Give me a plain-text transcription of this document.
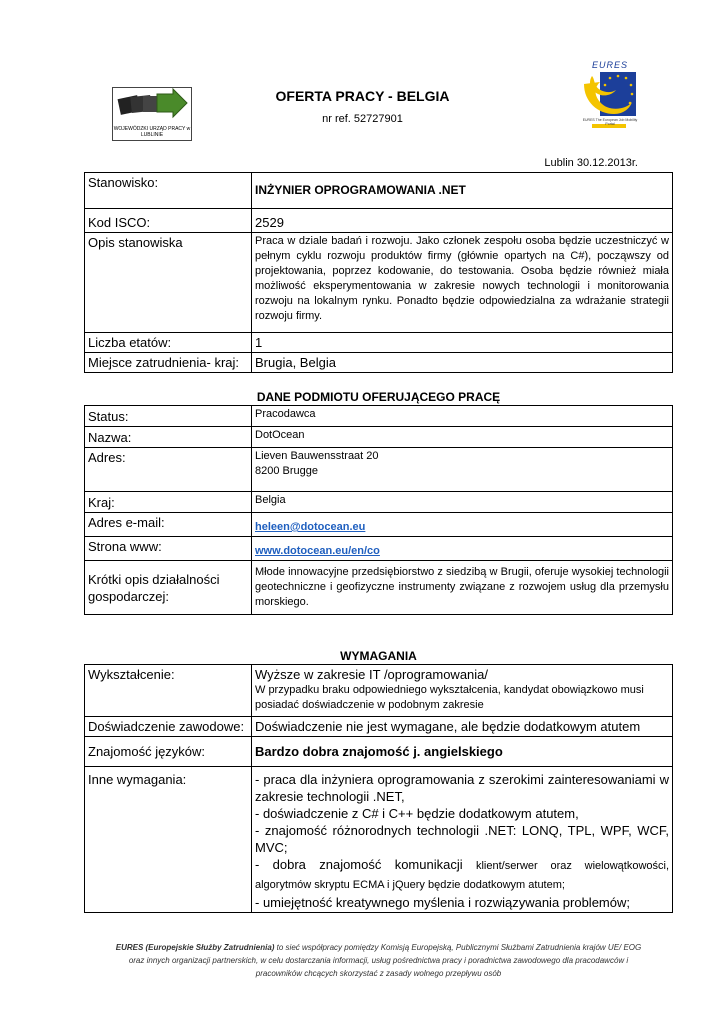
WOJEWÓDZKI URZĄD PRACY w LUBLINIE
OFERTA PRACY - BELGIA
nr ref. 52727901
EURES
EURES The European Job Mobility Portal
Lublin 30.12.2013r.
Stanowisko:	INŻYNIER OPROGRAMOWANIA .NET
Kod ISCO:	2529
Opis stanowiska	Praca w dziale badań i rozwoju. Jako członek zespołu osoba będzie uczestniczyć w pełnym cyklu rozwoju produktów firmy (głównie opartych na C#), począwszy od projektowania, poprzez kodowanie, do testowania. Osoba będzie również miała możliwość eksperymentowania w zakresie nowych technologii i monitorowania rozwoju na lokalnym rynku. Ponadto będzie odpowiedzialna za wdrażanie strategii rozwoju firmy.
Liczba etatów:	1
Miejsce zatrudnienia- kraj:	Brugia, Belgia
DANE PODMIOTU OFERUJĄCEGO PRACĘ
Status:	Pracodawca
Nazwa:	DotOcean
Adres:	Lieven Bauwensstraat 20
8200 Brugge

Kraj:	Belgia
Adres e-mail:	heleen@dotocean.eu
Strona www:	www.dotocean.eu/en/co
Krótki opis działalności gospodarczej:	Młode innowacyjne przedsiębiorstwo z siedzibą w Brugii, oferuje wysokiej technologii geotechniczne i geofizyczne instrumenty związane z rozwojem usług dla przemysłu morskiego.
WYMAGANIA
Wykształcenie:	Wyższe w zakresie IT /oprogramowania/
W przypadku braku odpowiedniego wykształcenia, kandydat obowiązkowo musi posiadać doświadczenie w podobnym zakresie

Doświadczenie zawodowe:	Doświadczenie nie jest wymagane, ale będzie dodatkowym atutem
Znajomość języków:	Bardzo dobra znajomość j. angielskiego
Inne wymagania:	- praca dla inżyniera oprogramowania z szerokimi zainteresowaniami w zakresie technologii .NET,
- doświadczenie z C# i C++ będzie dodatkowym atutem,
- znajomość różnorodnych technologii .NET: LONQ, TPL, WPF, WCF, MVC;
- dobra znajomość komunikacji klient/serwer oraz wielowątkowości, algorytmów skryptu ECMA i jQuery będzie dodatkowym atutem;
- umiejętność kreatywnego myślenia i rozwiązywania problemów;
EURES (Europejskie Służby Zatrudnienia) to sieć współpracy pomiędzy Komisją Europejską, Publicznymi Służbami Zatrudnienia krajów UE/ EOG
oraz innych organizacji partnerskich, w celu dostarczania informacji, usług pośrednictwa pracy i poradnictwa zawodowego dla pracodawców i
pracowników chcących skorzystać z zasady wolnego przepływu osób
